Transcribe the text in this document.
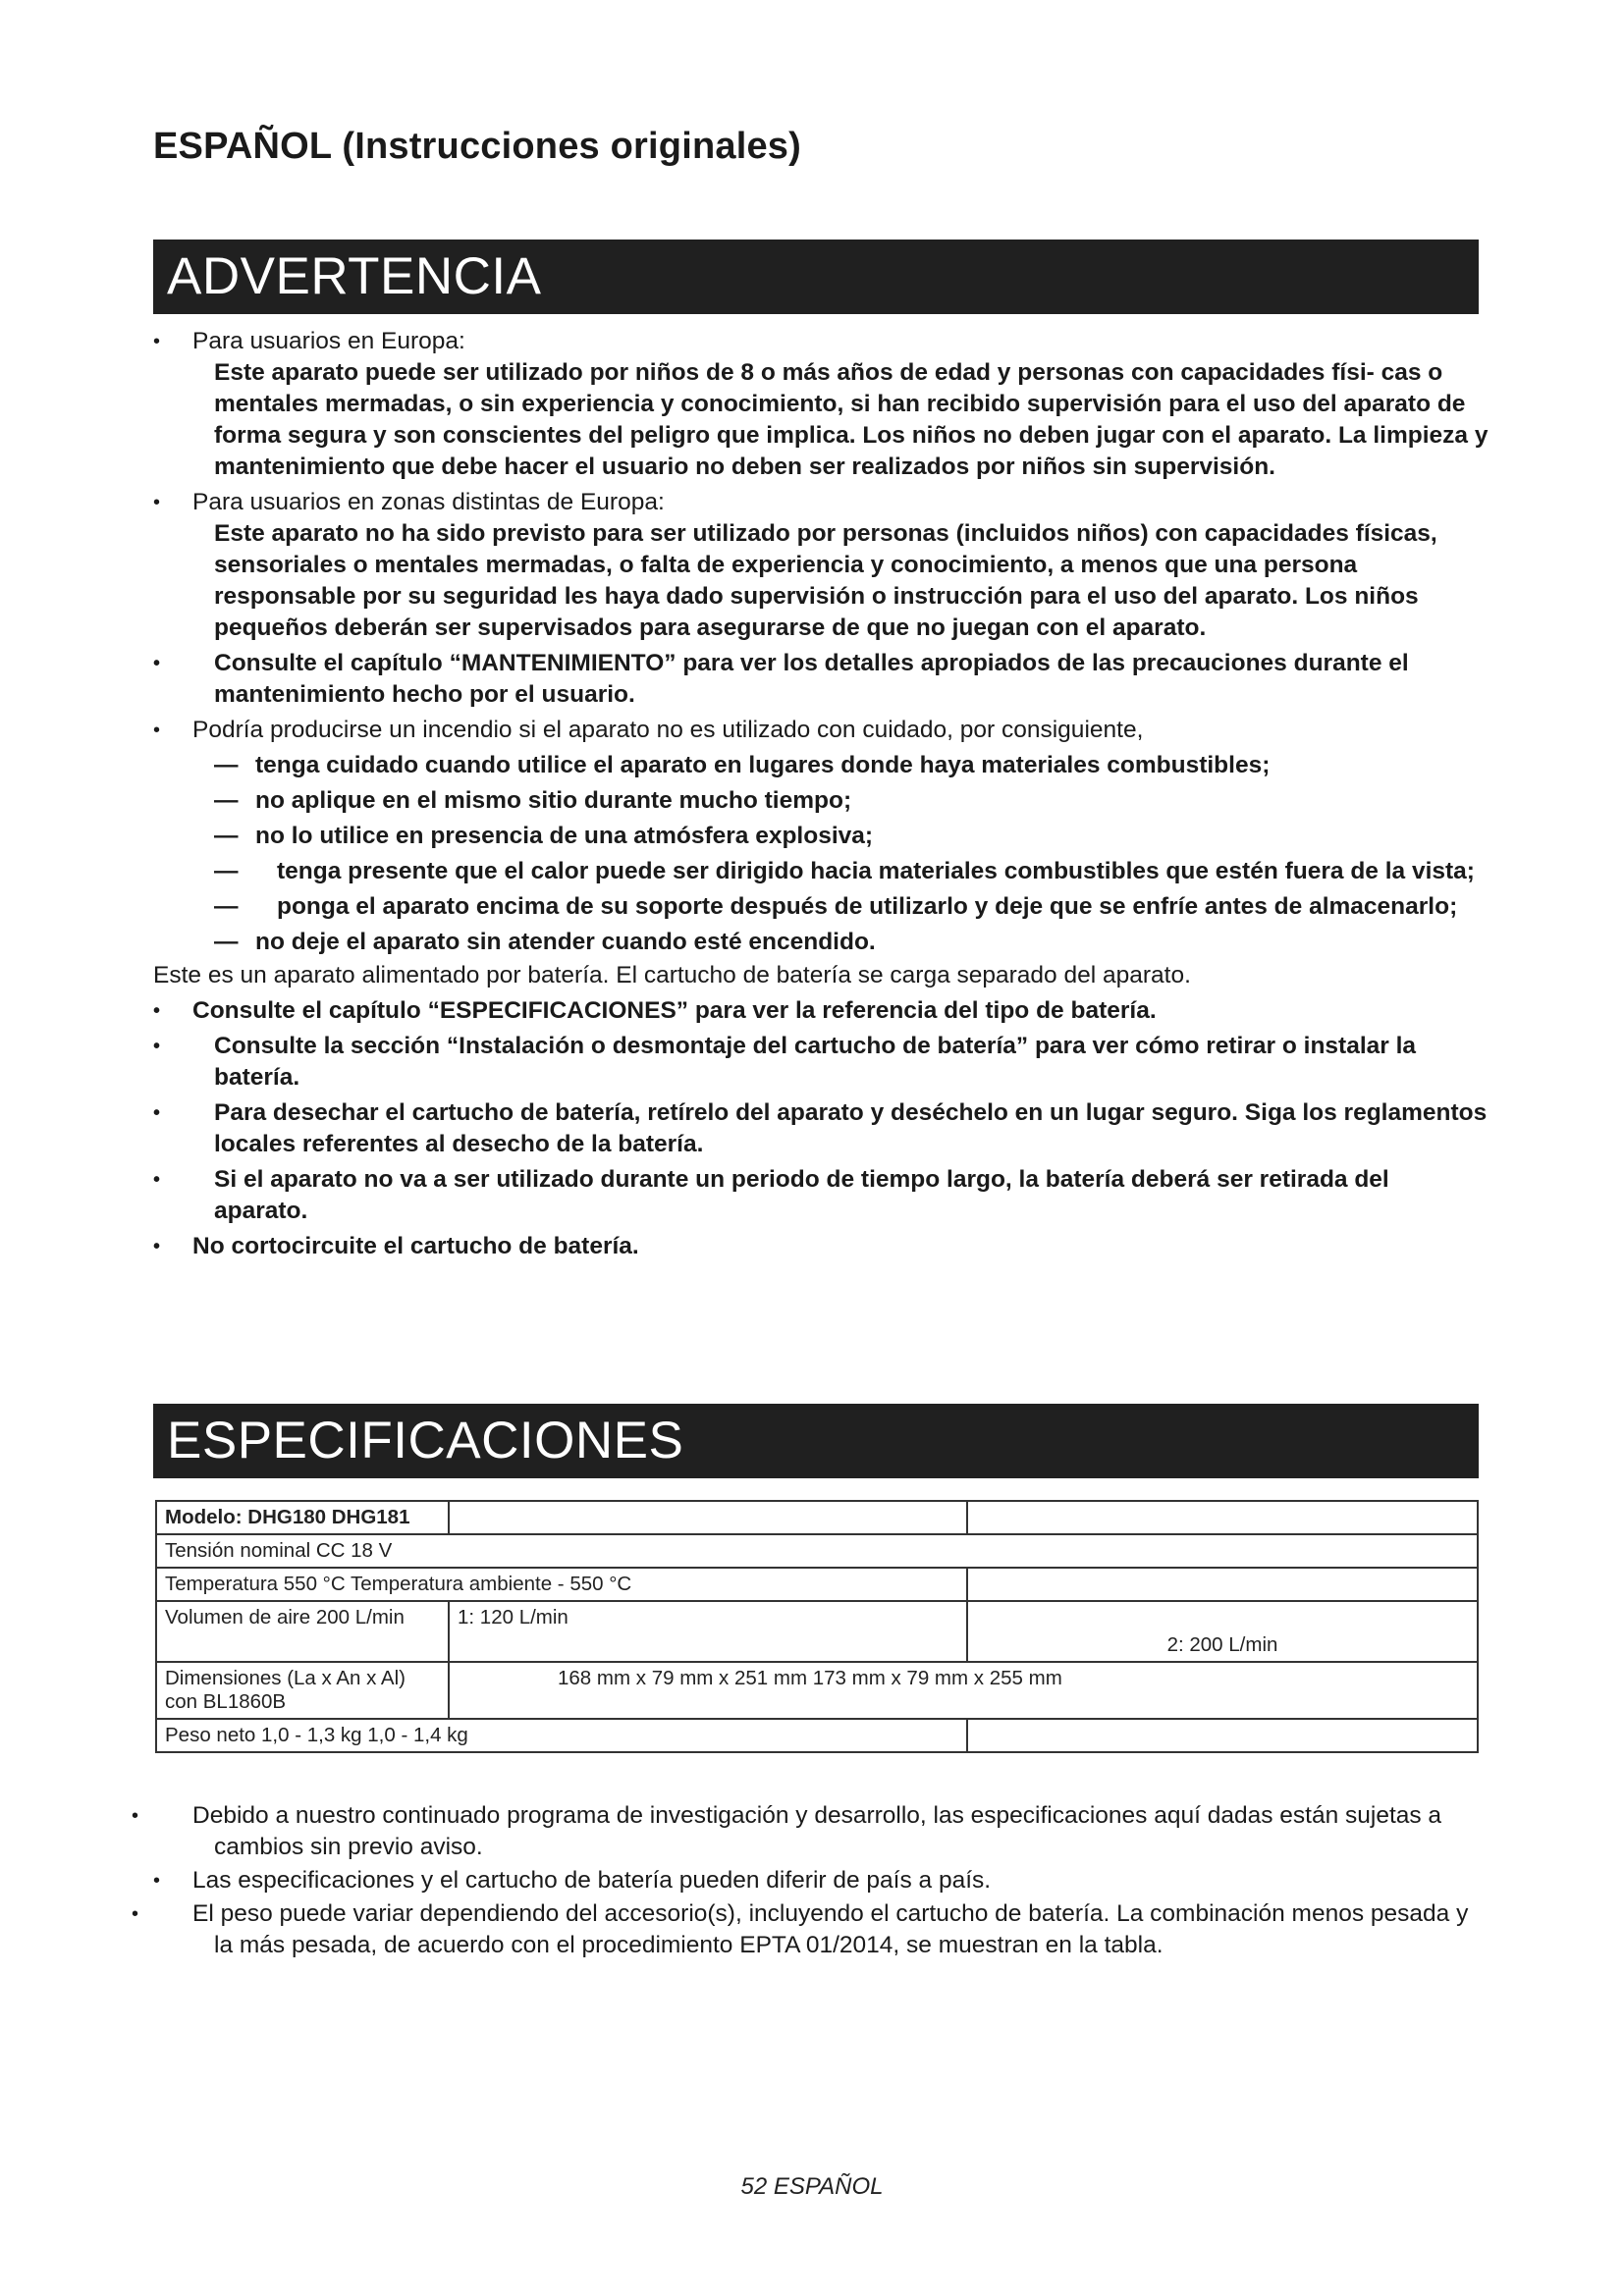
ESPAÑOL (Instrucciones originales)
ADVERTENCIA

• Para usuarios en Europa:

Este aparato puede ser utilizado por niños de 8 o más años de edad y personas con capacidades físi- cas o mentales mermadas, o sin experiencia y conocimiento, si han recibido supervisión para el uso del aparato de forma segura y son conscientes del peligro que implica. Los niños no deben jugar con el aparato. La limpieza y mantenimiento que debe hacer el usuario no deben ser realizados por niños sin supervisión.

• Para usuarios en zonas distintas de Europa:

Este aparato no ha sido previsto para ser utilizado por personas (incluidos niños) con capacidades físicas, sensoriales o mentales mermadas, o falta de experiencia y conocimiento, a menos que una persona responsable por su seguridad les haya dado supervisión o instrucción para el uso del aparato. Los niños pequeños deberán ser supervisados para asegurarse de que no juegan con el aparato.

• Consulte el capítulo “MANTENIMIENTO” para ver los detalles apropiados de las precauciones durante el mantenimiento hecho por el usuario.
• Podría producirse un incendio si el aparato no es utilizado con cuidado, por consiguiente,
— tenga cuidado cuando utilice el aparato en lugares donde haya materiales combustibles;
— no aplique en el mismo sitio durante mucho tiempo;
— no lo utilice en presencia de una atmósfera explosiva;
— tenga presente que el calor puede ser dirigido hacia materiales combustibles que estén fuera de la vista;
— ponga el aparato encima de su soporte después de utilizarlo y deje que se enfríe antes de almacenarlo;
— no deje el aparato sin atender cuando esté encendido.

Este es un aparato alimentado por batería. El cartucho de batería se carga separado del aparato.

• Consulte el capítulo “ESPECIFICACIONES” para ver la referencia del tipo de batería.
• Consulte la sección “Instalación o desmontaje del cartucho de batería” para ver cómo retirar o instalar la batería.
• Para desechar el cartucho de batería, retírelo del aparato y deséchelo en un lugar seguro. Siga los reglamentos locales referentes al desecho de la batería.
• Si el aparato no va a ser utilizado durante un periodo de tiempo largo, la batería deberá ser retirada del aparato.
• No cortocircuite el cartucho de batería.
ESPECIFICACIONES
Modelo: DHG180 DHG181		
Tensión nominal CC 18 V		
Temperatura 550 °C Temperatura ambiente - 550 °C		
Volumen de aire 200 L/min	1: 120 L/min	2: 200 L/min
Dimensiones (La x An x Al) con BL1860B	168 mm x 79 mm x 251 mm 173 mm x 79 mm x 255 mm	
Peso neto 1,0 - 1,3 kg 1,0 - 1,4 kg		
• Debido a nuestro continuado programa de investigación y desarrollo, las especificaciones aquí dadas están sujetas a cambios sin previo aviso.
• Las especificaciones y el cartucho de batería pueden diferir de país a país.
• El peso puede variar dependiendo del accesorio(s), incluyendo el cartucho de batería. La combinación menos pesada y la más pesada, de acuerdo con el procedimiento EPTA 01/2014, se muestran en la tabla.
52 ESPAÑOL
